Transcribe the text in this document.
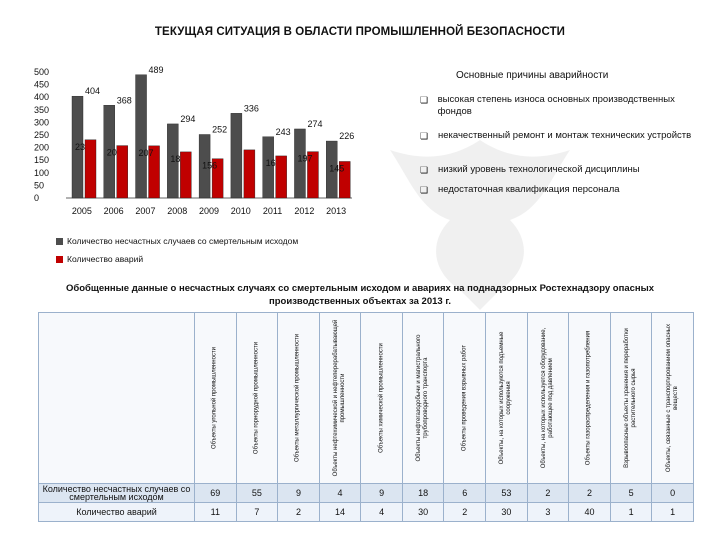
ТЕКУЩАЯ СИТУАЦИЯ В ОБЛАСТИ ПРОМЫШЛЕННОЙ БЕЗОПАСНОСТИ
0
50
100
150
200
250
300
350
400
450
500
404
23
2005
368
20
2006
489
207
2007
294
18
2008
252
156
2009
336
2010
243
16
2011
274
197
2012
226
145
2013
Количество несчастных случаев со смертельным исходом
Количество аварий
Основные причины аварийности
❏ высокая степень износа основных производственных фондов
❏ некачественный ремонт и монтаж технических устройств
❏ низкий уровень технологической дисциплины
❏ недостаточная квалификация персонала
Обобщенные данные о несчастных случаях со смертельным исходом и авариях на поднадзорных Ростехнадзору опасных производственных объектах за 2013 г.

	Объекты угольной промышленности	Объекты горнорудной промышленности	Объекты металлургической промышленности	Объекты нефтехимической и нефтеперерабатывающей промышленности	Объекты химической промышленности	Объекты нефтегазодобычи и магистрального трубопроводного транспорта	Объекты проведения взрывных работ	Объекты, на которых используются подъемные сооружения	Объекты, на которых используется оборудование, работающее под давлением	Объекты газораспределения и газопотребления	Взрывоопасные объекты хранения и переработки растительного сырья	Объекты, связанные с транспортированием опасных веществ

Количество несчастных случаев со смертельным исходом	69	55	9	4	9	18	6	53	2	2	5	0
Количество аварий	11	7	2	14	4	30	2	30	3	40	1	1
